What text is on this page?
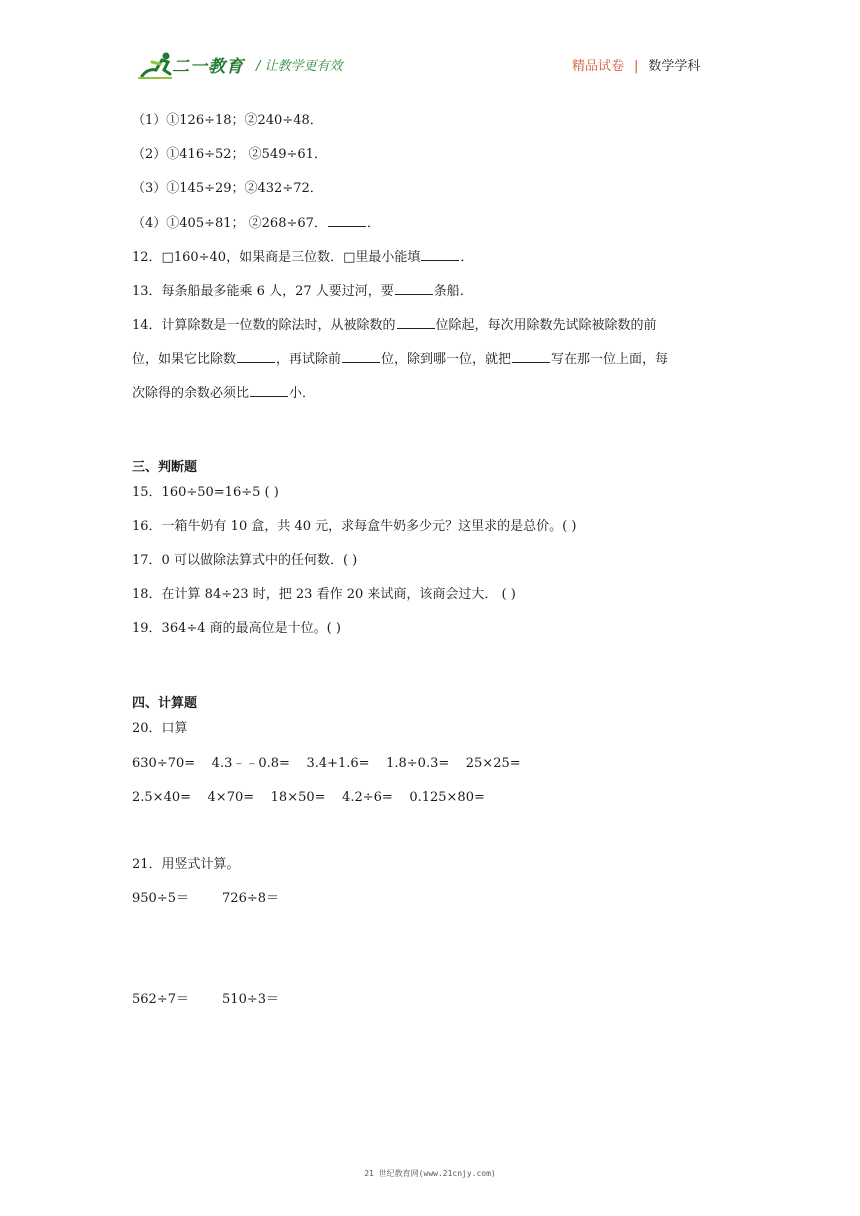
二一教育 / 让教学更有效	精品试卷 | 数学学科
（1）①126÷18；②240÷48．
（2）①416÷52； ②549÷61．
（3）①145÷29；②432÷72．
（4）①405÷81； ②268÷67．	．
12．□160÷40，如果商是三位数．□里最小能填	．
13．每条船最多能乘 6 人，27 人要过河，要	条船．
14．计算除数是一位数的除法时，从被除数的	位除起，每次用除数先试除被除数的前
位，如果它比除数	，再试除前	位，除到哪一位，就把	写在那一位上面，每
次除得的余数必须比	小．
三、判断题
15．160÷50=16÷5 ( )
16．一箱牛奶有 10 盒，共 40 元，求每盒牛奶多少元？这里求的是总价。( )
17．0 可以做除法算式中的任何数．( )
18．在计算 84÷23 时，把 23 看作 20 来试商，该商会过大． ( )
19．364÷4 商的最高位是十位。( )
四、计算题
20．口算
630÷70=    4.3﹣﹣0.8=    3.4+1.6=    1.8÷0.3=    25×25=
2.5×40=    4×70=    18×50=    4.2÷6=    0.125×80=
21．用竖式计算。
950÷5＝        726÷8＝
562÷7＝        510÷3＝
21 世纪教育网(www.21cnjy.com)
